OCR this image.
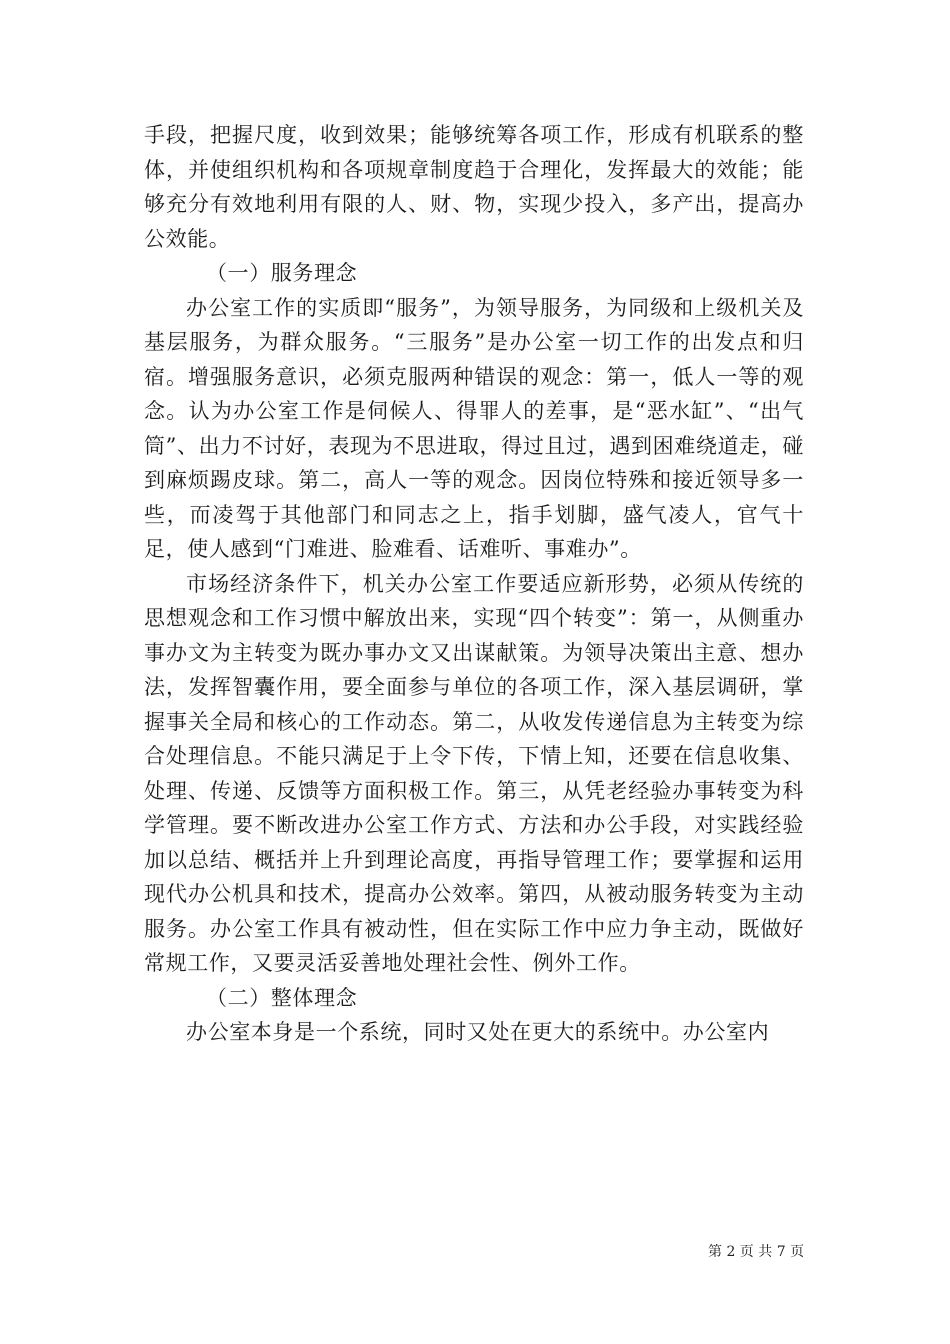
手段，把握尺度，收到效果；能够统筹各项工作，形成有机联系的整体，并使组织机构和各项规章制度趋于合理化，发挥最大的效能；能够充分有效地利用有限的人、财、物，实现少投入，多产出，提高办公效能。

（一）服务理念

办公室工作的实质即“服务”，为领导服务，为同级和上级机关及基层服务，为群众服务。“三服务”是办公室一切工作的出发点和归宿。增强服务意识，必须克服两种错误的观念：第一，低人一等的观念。认为办公室工作是伺候人、得罪人的差事，是“恶水缸”、“出气筒”、出力不讨好，表现为不思进取，得过且过，遇到困难绕道走，碰到麻烦踢皮球。第二，高人一等的观念。因岗位特殊和接近领导多一些，而凌驾于其他部门和同志之上，指手划脚，盛气凌人，官气十足，使人感到“门难进、脸难看、话难听、事难办”。

市场经济条件下，机关办公室工作要适应新形势，必须从传统的思想观念和工作习惯中解放出来，实现“四个转变”：第一，从侧重办事办文为主转变为既办事办文又出谋献策。为领导决策出主意、想办法，发挥智囊作用，要全面参与单位的各项工作，深入基层调研，掌握事关全局和核心的工作动态。第二，从收发传递信息为主转变为综合处理信息。不能只满足于上令下传，下情上知，还要在信息收集、处理、传递、反馈等方面积极工作。第三，从凭老经验办事转变为科学管理。要不断改进办公室工作方式、方法和办公手段，对实践经验加以总结、概括并上升到理论高度，再指导管理工作；要掌握和运用现代办公机具和技术，提高办公效率。第四，从被动服务转变为主动服务。办公室工作具有被动性，但在实际工作中应力争主动，既做好常规工作，又要灵活妥善地处理社会性、例外工作。

（二）整体理念

办公室本身是一个系统，同时又处在更大的系统中。办公室内

第 2 页 共 7 页
